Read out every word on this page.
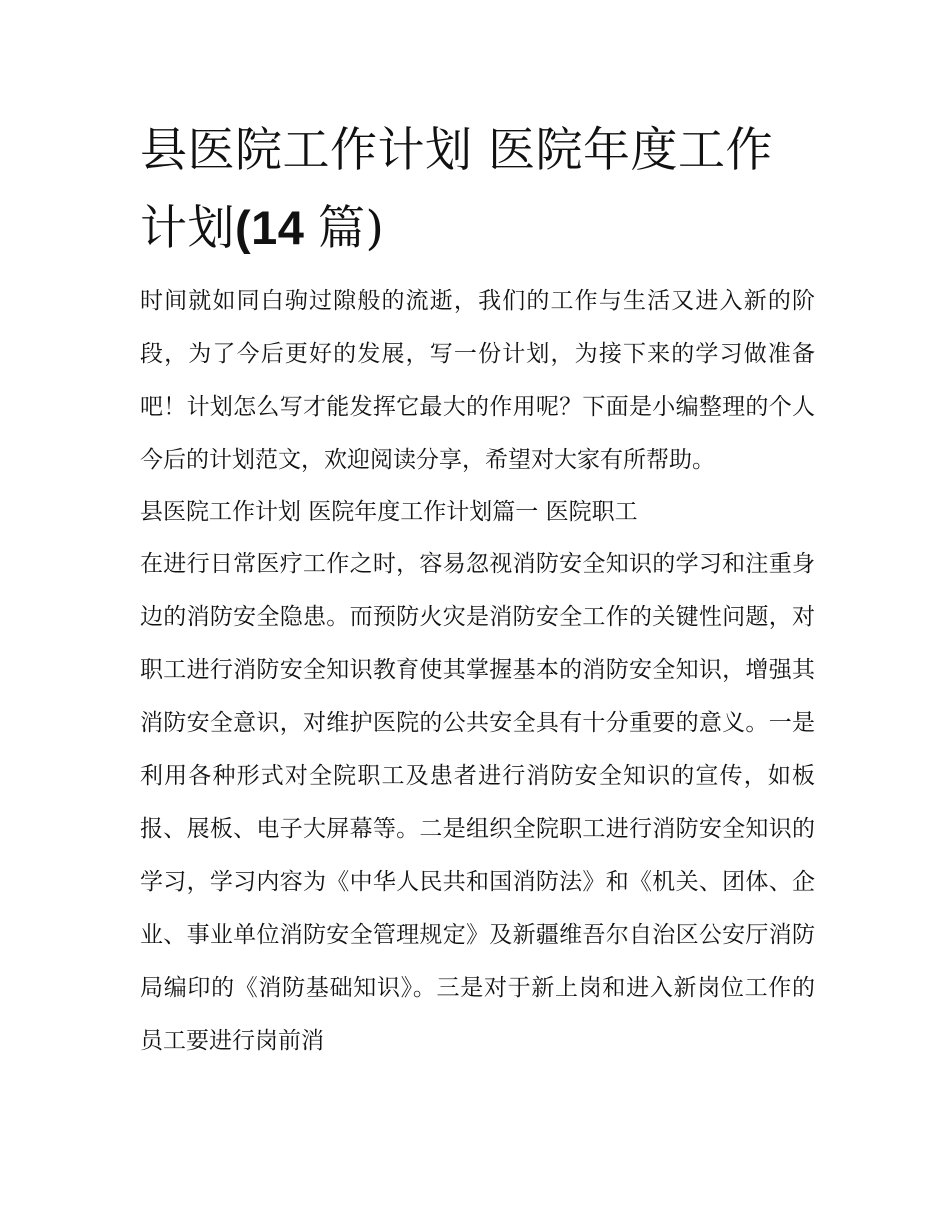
县医院工作计划 医院年度工作
计划(14 篇)

时间就如同白驹过隙般的流逝，我们的工作与生活又进入新的阶段，为了今后更好的发展，写一份计划，为接下来的学习做准备吧！计划怎么写才能发挥它最大的作用呢？下面是小编整理的个人今后的计划范文，欢迎阅读分享，希望对大家有所帮助。

县医院工作计划 医院年度工作计划篇一 医院职工

在进行日常医疗工作之时，容易忽视消防安全知识的学习和注重身边的消防安全隐患。而预防火灾是消防安全工作的关键性问题，对职工进行消防安全知识教育使其掌握基本的消防安全知识，增强其消防安全意识，对维护医院的公共安全具有十分重要的意义。一是利用各种形式对全院职工及患者进行消防安全知识的宣传，如板报、展板、电子大屏幕等。二是组织全院职工进行消防安全知识的学习，学习内容为《中华人民共和国消防法》和《机关、团体、企业、事业单位消防安全管理规定》及新疆维吾尔自治区公安厅消防局编印的《消防基础知识》。三是对于新上岗和进入新岗位工作的员工要进行岗前消
